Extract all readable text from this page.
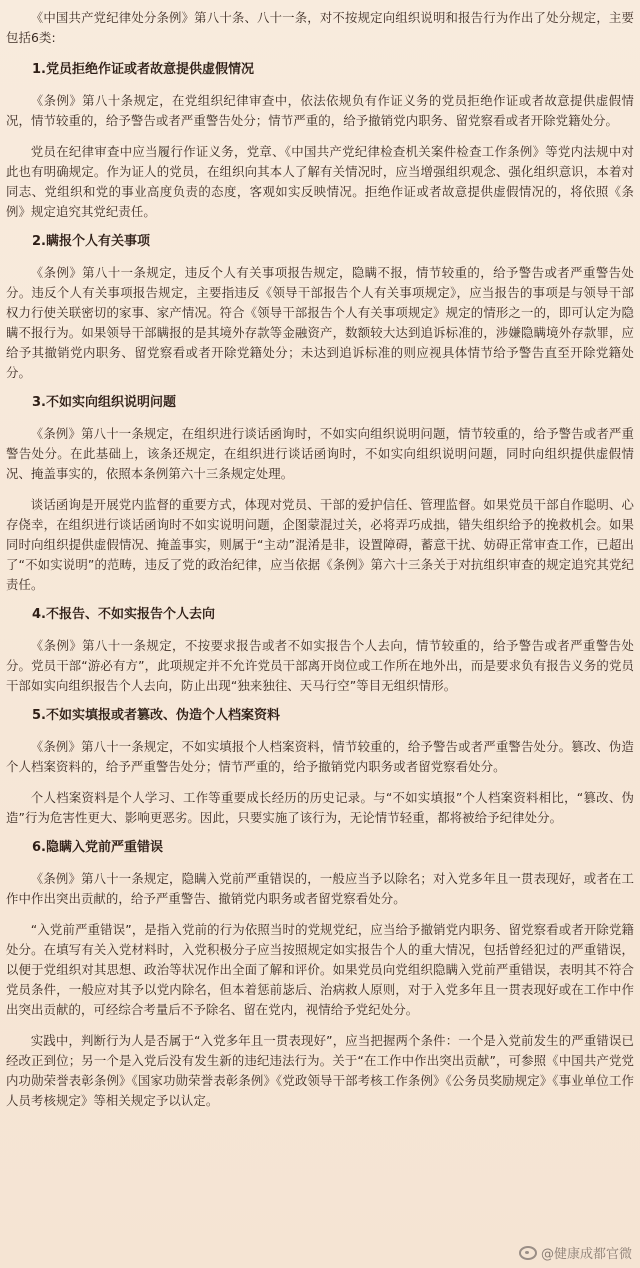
《中国共产党纪律处分条例》第八十条、八十一条，对不按规定向组织说明和报告行为作出了处分规定，主要包括6类:

1.党员拒绝作证或者故意提供虚假情况

《条例》第八十条规定，在党组织纪律审查中，依法依规负有作证义务的党员拒绝作证或者故意提供虚假情况，情节较重的，给予警告或者严重警告处分；情节严重的，给予撤销党内职务、留党察看或者开除党籍处分。

党员在纪律审查中应当履行作证义务，党章、《中国共产党纪律检查机关案件检查工作条例》等党内法规中对此也有明确规定。作为证人的党员，在组织向其本人了解有关情况时，应当增强组织观念、强化组织意识，本着对同志、党组织和党的事业高度负责的态度，客观如实反映情况。拒绝作证或者故意提供虚假情况的，将依照《条例》规定追究其党纪责任。

2.瞒报个人有关事项

《条例》第八十一条规定，违反个人有关事项报告规定，隐瞒不报，情节较重的，给予警告或者严重警告处分。违反个人有关事项报告规定，主要指违反《领导干部报告个人有关事项规定》，应当报告的事项是与领导干部权力行使关联密切的家事、家产情况。符合《领导干部报告个人有关事项规定》规定的情形之一的，即可认定为隐瞒不报行为。如果领导干部瞒报的是其境外存款等金融资产，数额较大达到追诉标准的，涉嫌隐瞒境外存款罪，应给予其撤销党内职务、留党察看或者开除党籍处分；未达到追诉标准的则应视具体情节给予警告直至开除党籍处分。

3.不如实向组织说明问题

《条例》第八十一条规定，在组织进行谈话函询时，不如实向组织说明问题，情节较重的，给予警告或者严重警告处分。在此基础上，该条还规定，在组织进行谈话函询时，不如实向组织说明问题，同时向组织提供虚假情况、掩盖事实的，依照本条例第六十三条规定处理。

谈话函询是开展党内监督的重要方式，体现对党员、干部的爱护信任、管理监督。如果党员干部自作聪明、心存侥幸，在组织进行谈话函询时不如实说明问题，企图蒙混过关，必将弄巧成拙，错失组织给予的挽救机会。如果同时向组织提供虚假情况、掩盖事实，则属于“主动”混淆是非，设置障碍，蓄意干扰、妨碍正常审查工作，已超出了“不如实说明”的范畴，违反了党的政治纪律，应当依据《条例》第六十三条关于对抗组织审查的规定追究其党纪责任。

4.不报告、不如实报告个人去向

《条例》第八十一条规定，不按要求报告或者不如实报告个人去向，情节较重的，给予警告或者严重警告处分。党员干部“游必有方”，此项规定并不允许党员干部离开岗位或工作所在地外出，而是要求负有报告义务的党员干部如实向组织报告个人去向，防止出现“独来独往、天马行空”等目无组织情形。

5.不如实填报或者篡改、伪造个人档案资料

《条例》第八十一条规定，不如实填报个人档案资料，情节较重的，给予警告或者严重警告处分。篡改、伪造个人档案资料的，给予严重警告处分；情节严重的，给予撤销党内职务或者留党察看处分。

个人档案资料是个人学习、工作等重要成长经历的历史记录。与“不如实填报”个人档案资料相比，“篡改、伪造”行为危害性更大、影响更恶劣。因此，只要实施了该行为，无论情节轻重，都将被给予纪律处分。

6.隐瞒入党前严重错误

《条例》第八十一条规定，隐瞒入党前严重错误的，一般应当予以除名；对入党多年且一贯表现好，或者在工作中作出突出贡献的，给予严重警告、撤销党内职务或者留党察看处分。

“入党前严重错误”，是指入党前的行为依照当时的党规党纪，应当给予撤销党内职务、留党察看或者开除党籍处分。在填写有关入党材料时，入党积极分子应当按照规定如实报告个人的重大情况，包括曾经犯过的严重错误，以便于党组织对其思想、政治等状况作出全面了解和评价。如果党员向党组织隐瞒入党前严重错误，表明其不符合党员条件，一般应对其予以党内除名，但本着惩前毖后、治病救人原则，对于入党多年且一贯表现好或在工作中作出突出贡献的，可经综合考量后不予除名、留在党内，视情给予党纪处分。

实践中，判断行为人是否属于“入党多年且一贯表现好”，应当把握两个条件：一个是入党前发生的严重错误已经改正到位；另一个是入党后没有发生新的违纪违法行为。关于“在工作中作出突出贡献”，可参照《中国共产党党内功勋荣誉表彰条例》《国家功勋荣誉表彰条例》《党政领导干部考核工作条例》《公务员奖励规定》《事业单位工作人员考核规定》等相关规定予以认定。

@健康成都官微
